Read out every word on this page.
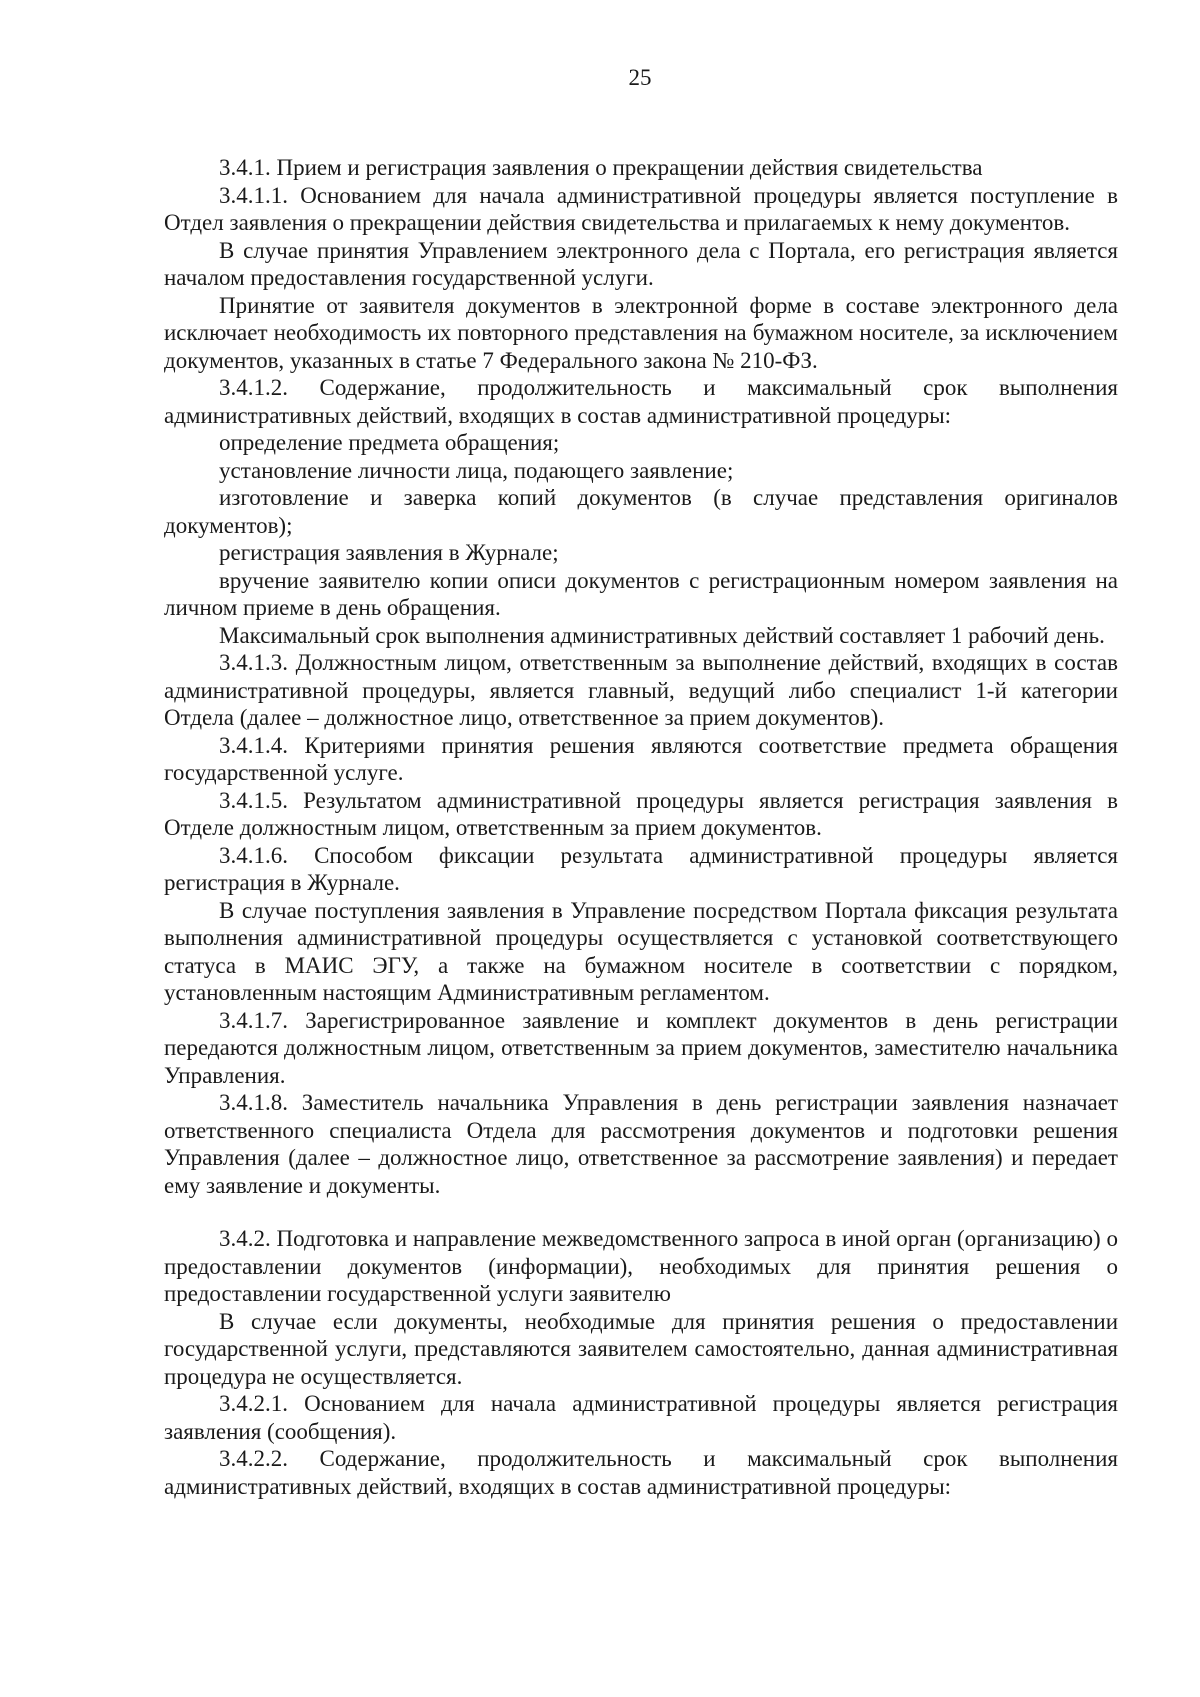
25

3.4.1. Прием и регистрация заявления о прекращении действия свидетельства

3.4.1.1. Основанием для начала административной процедуры является поступление в Отдел заявления о прекращении действия свидетельства и прилагаемых к нему документов.

В случае принятия Управлением электронного дела с Портала, его регистрация является началом предоставления государственной услуги.

Принятие от заявителя документов в электронной форме в составе электронного дела исключает необходимость их повторного представления на бумажном носителе, за исключением документов, указанных в статье 7 Федерального закона № 210-ФЗ.

3.4.1.2. Содержание, продолжительность и максимальный срок выполнения административных действий, входящих в состав административной процедуры:

определение предмета обращения;

установление личности лица, подающего заявление;

изготовление и заверка копий документов (в случае представления оригиналов документов);

регистрация заявления в Журнале;

вручение заявителю копии описи документов с регистрационным номером заявления на личном приеме в день обращения.

Максимальный срок выполнения административных действий составляет 1 рабочий день.

3.4.1.3. Должностным лицом, ответственным за выполнение действий, входящих в состав административной процедуры, является главный, ведущий либо специалист 1-й категории Отдела (далее – должностное лицо, ответственное за прием документов).

3.4.1.4. Критериями принятия решения являются соответствие предмета обращения государственной услуге.

3.4.1.5. Результатом административной процедуры является регистрация заявления в Отделе должностным лицом, ответственным за прием документов.

3.4.1.6. Способом фиксации результата административной процедуры является регистрация в Журнале.

В случае поступления заявления в Управление посредством Портала фиксация результата выполнения административной процедуры осуществляется с установкой соответствующего статуса в МАИС ЭГУ, а также на бумажном носителе в соответствии с порядком, установленным настоящим Административным регламентом.

3.4.1.7. Зарегистрированное заявление и комплект документов в день регистрации передаются должностным лицом, ответственным за прием документов, заместителю начальника Управления.

3.4.1.8. Заместитель начальника Управления в день регистрации заявления назначает ответственного специалиста Отдела для рассмотрения документов и подготовки решения Управления (далее – должностное лицо, ответственное за рассмотрение заявления) и передает ему заявление и документы.

3.4.2. Подготовка и направление межведомственного запроса в иной орган (организацию) о предоставлении документов (информации), необходимых для принятия решения о предоставлении государственной услуги заявителю

В случае если документы, необходимые для принятия решения о предоставлении государственной услуги, представляются заявителем самостоятельно, данная административная процедура не осуществляется.

3.4.2.1. Основанием для начала административной процедуры является регистрация заявления (сообщения).

3.4.2.2. Содержание, продолжительность и максимальный срок выполнения административных действий, входящих в состав административной процедуры:
